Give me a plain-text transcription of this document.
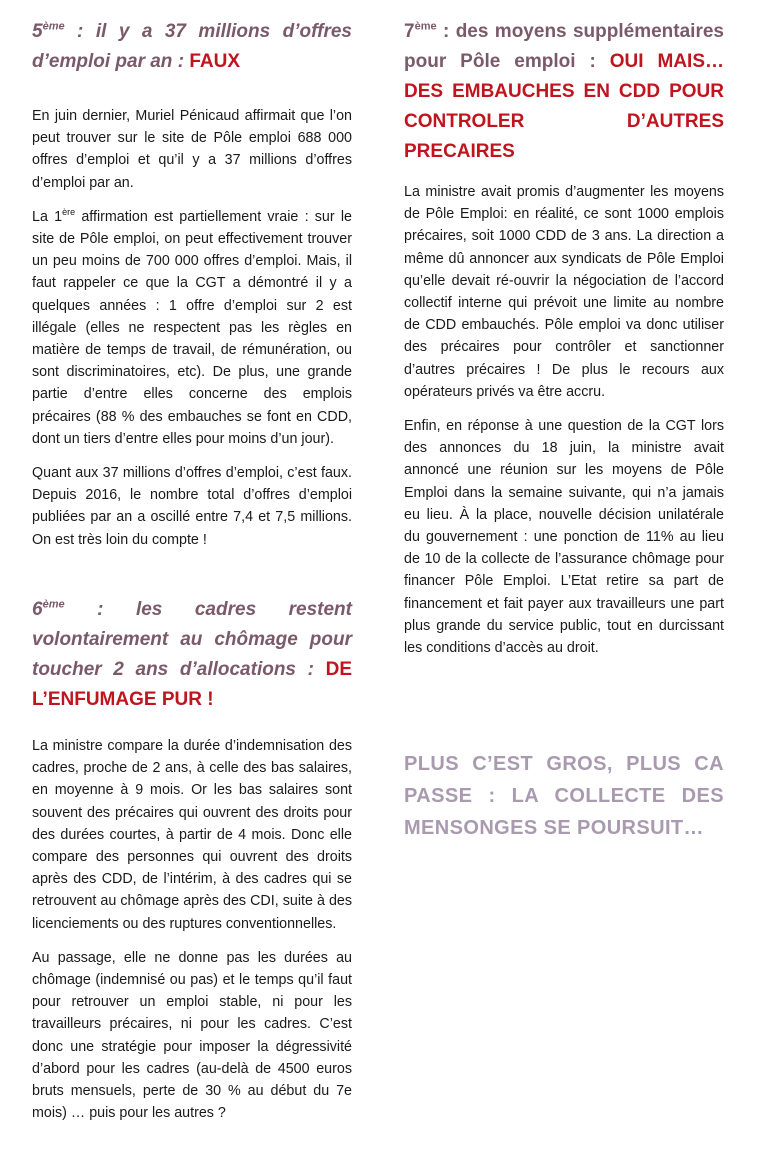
5ème : il y a 37 millions d’offres d’emploi par an : FAUX

En juin dernier, Muriel Pénicaud affirmait que l’on peut trouver sur le site de Pôle emploi 688 000 offres d’emploi et qu’il y a 37 millions d’offres d’emploi par an.

La 1ère affirmation est partiellement vraie : sur le site de Pôle emploi, on peut effectivement trouver un peu moins de 700 000 offres d’emploi. Mais, il faut rappeler ce que la CGT a démontré il y a quelques années : 1 offre d’emploi sur 2 est illégale (elles ne respectent pas les règles en matière de temps de travail, de rémunération, ou sont discriminatoires, etc). De plus, une grande partie d’entre elles concerne des emplois précaires (88 % des embauches se font en CDD, dont un tiers d’entre elles pour moins d’un jour).

Quant aux 37 millions d’offres d’emploi, c’est faux. Depuis 2016, le nombre total d’offres d’emploi publiées par an a oscillé entre 7,4 et 7,5 millions. On est très loin du compte !

6ème : les cadres restent volontairement au chômage pour toucher 2 ans d’allocations : DE L’ENFUMAGE PUR !

La ministre compare la durée d’indemnisation des cadres, proche de 2 ans, à celle des bas salaires, en moyenne à 9 mois. Or les bas salaires sont souvent des précaires qui ouvrent des droits pour des durées courtes, à partir de 4 mois. Donc elle compare des personnes qui ouvrent des droits après des CDD, de l’intérim, à des cadres qui se retrouvent au chômage après des CDI, suite à des licenciements ou des ruptures conventionnelles.

Au passage, elle ne donne pas les durées au chômage (indemnisé ou pas) et le temps qu’il faut pour retrouver un emploi stable, ni pour les travailleurs précaires, ni pour les cadres. C’est donc une stratégie pour imposer la dégressivité d’abord pour les cadres (au-delà de 4500 euros bruts mensuels, perte de 30 % au début du 7e mois) … puis pour les autres ?

7ème : des moyens supplémentaires pour Pôle emploi : OUI MAIS… DES EMBAUCHES EN CDD POUR CONTROLER D’AUTRES PRECAIRES

La ministre avait promis d’augmenter les moyens de Pôle Emploi: en réalité, ce sont 1000 emplois précaires, soit 1000 CDD de 3 ans. La direction a même dû annoncer aux syndicats de Pôle Emploi qu’elle devait ré-ouvrir la négociation de l’accord collectif interne qui prévoit une limite au nombre de CDD embauchés. Pôle emploi va donc utiliser des précaires pour contrôler et sanctionner d’autres précaires ! De plus le recours aux opérateurs privés va être accru.

Enfin, en réponse à une question de la CGT lors des annonces du 18 juin, la ministre avait annoncé une réunion sur les moyens de Pôle Emploi dans la semaine suivante, qui n’a jamais eu lieu. À la place, nouvelle décision unilatérale du gouvernement : une ponction de 11% au lieu de 10 de la collecte de l’assurance chômage pour financer Pôle Emploi. L’Etat retire sa part de financement et fait payer aux travailleurs une part plus grande du service public, tout en durcissant les conditions d’accès au droit.

PLUS C’EST GROS, PLUS CA PASSE : LA COLLECTE DES MENSONGES SE POURSUIT…
